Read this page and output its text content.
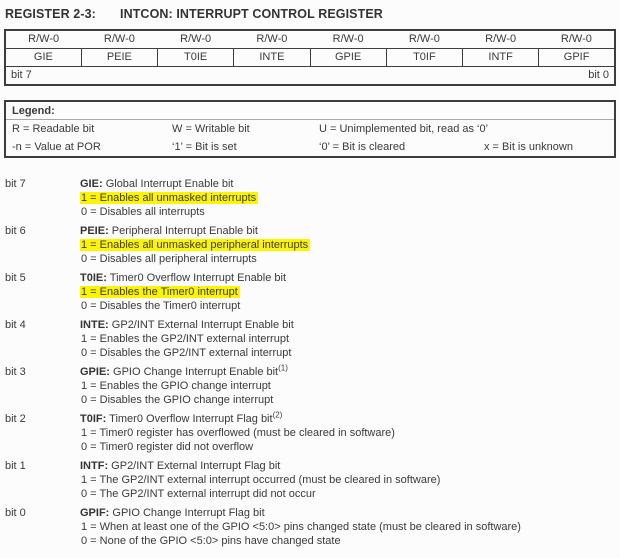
REGISTER 2-3: INTCON: INTERRUPT CONTROL REGISTER
R/W-0	R/W-0	R/W-0	R/W-0	R/W-0	R/W-0	R/W-0	R/W-0
GIE	PEIE	T0IE	INTE	GPIE	T0IF	INTF	GPIF
bit 7 bit 0							
Legend:
R = Readable bit	W = Writable bit	U = Unimplemented bit, read as ‘0’
-n = Value at POR	‘1’ = Bit is set	‘0’ = Bit is cleared	x = Bit is unknown
bit 7	GIE: Global Interrupt Enable bit
1 = Enables all unmasked interrupts
0 = Disables all interrupts
bit 6	PEIE: Peripheral Interrupt Enable bit
1 = Enables all unmasked peripheral interrupts
0 = Disables all peripheral interrupts
bit 5	T0IE: Timer0 Overflow Interrupt Enable bit
1 = Enables the Timer0 interrupt
0 = Disables the Timer0 interrupt
bit 4	INTE: GP2/INT External Interrupt Enable bit
1 = Enables the GP2/INT external interrupt
0 = Disables the GP2/INT external interrupt
bit 3	GPIE: GPIO Change Interrupt Enable bit$^{(1)}$
1 = Enables the GPIO change interrupt
0 = Disables the GPIO change interrupt
bit 2	T0IF: Timer0 Overflow Interrupt Flag bit$^{(2)}$
1 = Timer0 register has overflowed (must be cleared in software)
0 = Timer0 register did not overflow
bit 1	INTF: GP2/INT External Interrupt Flag bit
1 = The GP2/INT external interrupt occurred (must be cleared in software)
0 = The GP2/INT external interrupt did not occur
bit 0	GPIF: GPIO Change Interrupt Flag bit
1 = When at least one of the GPIO <5:0> pins changed state (must be cleared in software)
0 = None of the GPIO <5:0> pins have changed state
